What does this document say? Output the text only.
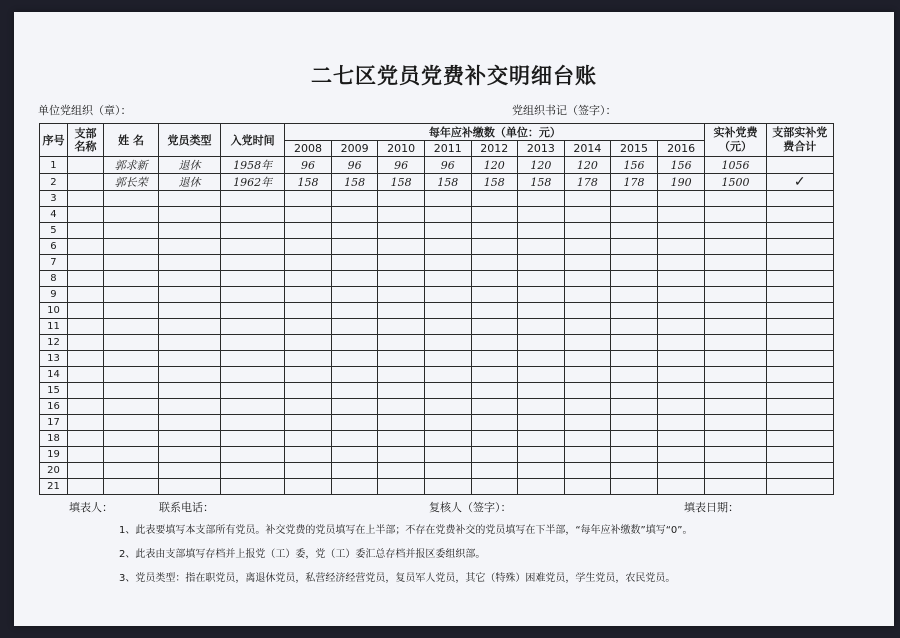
二七区党员党费补交明细台账
单位党组织（章）：	党组织书记（签字）：
序号	支部名称	姓 名	党员类型	入党时间	每年应补缴数（单位：元）									实补党费（元）	支部实补党费合计
					2008	2009	2010	2011	2012	2013	2014	2015	2016		
1		郭求新	退休	1958年	96	96	96	96	120	120	120	156	156	1056	
2		郭长荣	退休	1962年	158	158	158	158	158	158	178	178	190	1500	✓
3															
4															
5															
6															
7															
8															
9															
10															
11															
12															
13															
14															
15															
16															
17															
18															
19															
20															
21															
填表人：	联系电话：	复核人（签字）：	填表日期：
1、此表要填写本支部所有党员。补交党费的党员填写在上半部；不存在党费补交的党员填写在下半部，“每年应补缴数”填写“0”。
2、此表由支部填写存档并上报党（工）委，党（工）委汇总存档并报区委组织部。
3、党员类型：指在职党员，离退休党员，私营经济经营党员，复员军人党员，其它（特殊）困难党员，学生党员，农民党员。
